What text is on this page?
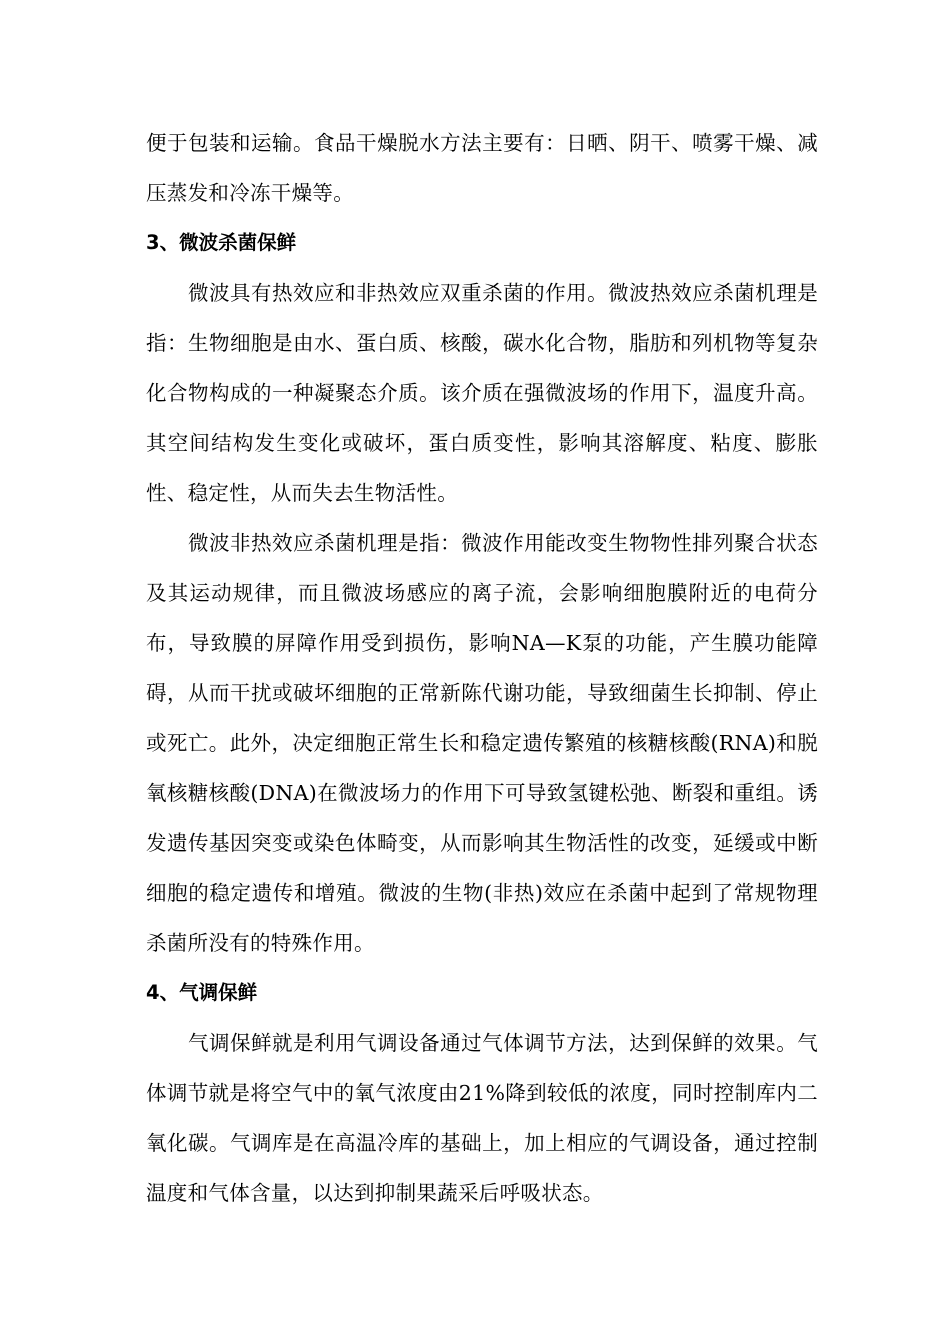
便于包装和运输。食品干燥脱水方法主要有：日晒、阴干、喷雾干燥、减压蒸发和冷冻干燥等。

3、微波杀菌保鲜

微波具有热效应和非热效应双重杀菌的作用。微波热效应杀菌机理是指：生物细胞是由水、蛋白质、核酸，碳水化合物，脂肪和列机物等复杂化合物构成的一种凝聚态介质。该介质在强微波场的作用下，温度升高。其空间结构发生变化或破坏，蛋白质变性，影响其溶解度、粘度、膨胀性、稳定性，从而失去生物活性。

微波非热效应杀菌机理是指：微波作用能改变生物物性排列聚合状态及其运动规律，而且微波场感应的离子流，会影响细胞膜附近的电荷分布，导致膜的屏障作用受到损伤，影响NA—K泵的功能，产生膜功能障碍，从而干扰或破坏细胞的正常新陈代谢功能，导致细菌生长抑制、停止或死亡。此外，决定细胞正常生长和稳定遗传繁殖的核糖核酸(RNA)和脱氧核糖核酸(DNA)在微波场力的作用下可导致氢键松弛、断裂和重组。诱发遗传基因突变或染色体畸变，从而影响其生物活性的改变，延缓或中断细胞的稳定遗传和增殖。微波的生物(非热)效应在杀菌中起到了常规物理杀菌所没有的特殊作用。

4、气调保鲜

气调保鲜就是利用气调设备通过气体调节方法，达到保鲜的效果。气体调节就是将空气中的氧气浓度由21%降到较低的浓度，同时控制库内二氧化碳。气调库是在高温冷库的基础上，加上相应的气调设备，通过控制温度和气体含量，以达到抑制果蔬采后呼吸状态。
